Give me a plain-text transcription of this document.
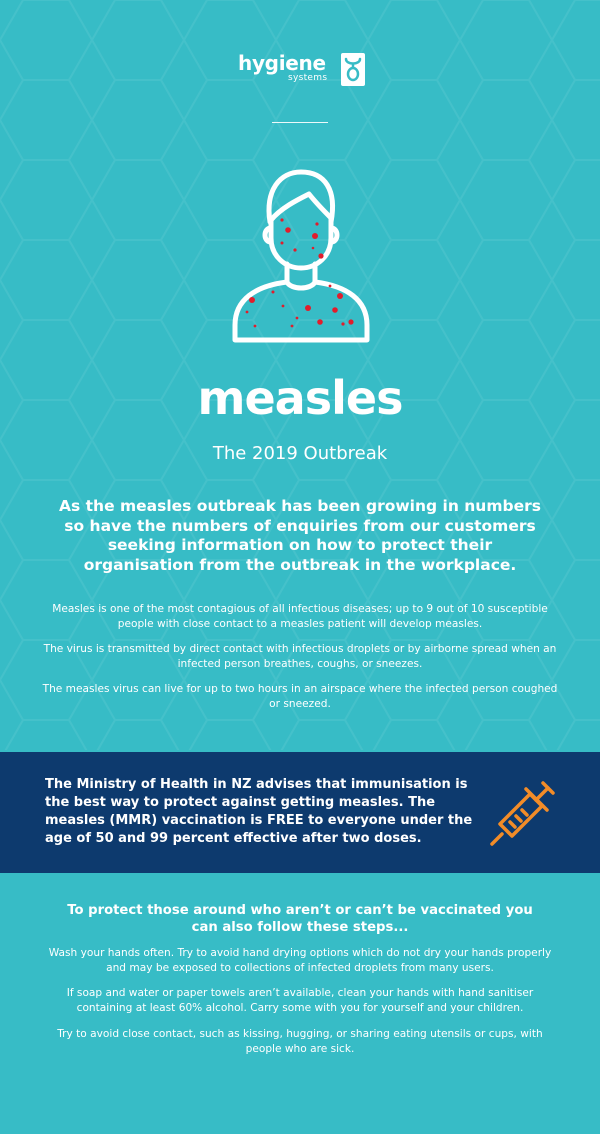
hygiene
systems
measles
The 2019 Outbreak
As the measles outbreak has been growing in numbers so have the numbers of enquiries from our customers seeking information on how to protect their organisation from the outbreak in the workplace.

Measles is one of the most contagious of all infectious diseases; up to 9 out of 10 susceptible people with close contact to a measles patient will develop measles.

The virus is transmitted by direct contact with infectious droplets or by airborne spread when an infected person breathes, coughs, or sneezes.

The measles virus can live for up to two hours in an airspace where the infected person coughed or sneezed.

The Ministry of Health in NZ advises that immunisation is the best way to protect against getting measles. The measles (MMR) vaccination is FREE to everyone under the age of 50 and 99 percent effective after two doses.
To protect those around who aren’t or can’t be vaccinated you can also follow these steps...

Wash your hands often. Try to avoid hand drying options which do not dry your hands properly and may be exposed to collections of infected droplets from many users.

If soap and water or paper towels aren’t available, clean your hands with hand sanitiser containing at least 60% alcohol. Carry some with you for yourself and your children.

Try to avoid close contact, such as kissing, hugging, or sharing eating utensils or cups, with people who are sick.
